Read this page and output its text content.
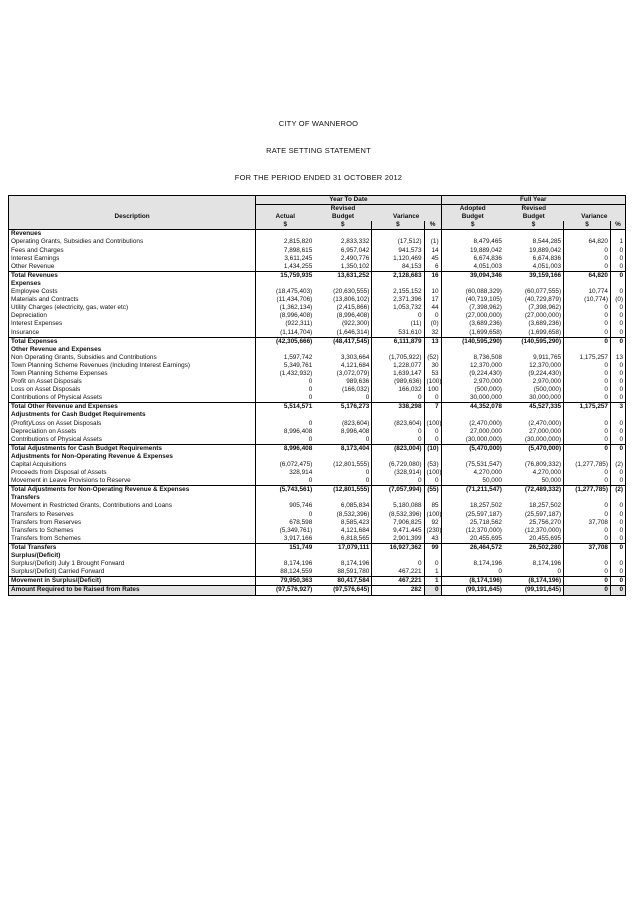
CITY OF WANNEROO
RATE SETTING STATEMENT
FOR THE PERIOD ENDED 31 OCTOBER 2012
	Year To Date				Full Year			
		Revised			Adopted	Revised		
Description	Actual	Budget	Variance		Budget	Budget	Variance	
	$	$	$	%	$	$	$	%
Revenues								
Operating Grants, Subsidies and Contributions	2,815,820	2,833,332	(17,512)	(1)	8,479,465	8,544,285	64,820	1
Fees and Charges	7,898,615	6,957,042	941,573	14	19,889,042	19,889,042	0	0
Interest Earnings	3,611,245	2,490,776	1,120,469	45	6,674,836	6,674,836	0	0
Other Revenue	1,434,255	1,350,102	84,153	6	4,051,003	4,051,003	0	0
Total Revenues	15,759,935	13,631,252	2,128,683	16	39,094,346	39,159,166	64,820	0
Expenses								
Employee Costs	(18,475,403)	(20,630,555)	2,155,152	10	(60,088,329)	(60,077,555)	10,774	0
Materials and Contracts	(11,434,706)	(13,806,102)	2,371,396	17	(40,719,105)	(40,729,879)	(10,774)	(0)
Utility Charges (electricity, gas, water etc)	(1,362,134)	(2,415,866)	1,053,732	44	(7,398,962)	(7,398,962)	0	0
Depreciation	(8,996,408)	(8,996,408)	0	0	(27,000,000)	(27,000,000)	0	0
Interest Expenses	(922,311)	(922,300)	(11)	(0)	(3,689,236)	(3,689,236)	0	0
Insurance	(1,114,704)	(1,646,314)	531,610	32	(1,699,658)	(1,699,658)	0	0
Total Expenses	(42,305,666)	(48,417,545)	6,111,879	13	(140,595,290)	(140,595,290)	0	0
Other Revenue and Expenses								
Non Operating Grants, Subsidies and Contributions	1,597,742	3,303,664	(1,705,922)	(52)	8,736,508	9,911,765	1,175,257	13
Town Planning Scheme Revenues (Including Interest Earnings)	5,349,761	4,121,684	1,228,077	30	12,370,000	12,370,000	0	0
Town Planning Scheme Expenses	(1,432,932)	(3,072,079)	1,639,147	53	(9,224,430)	(9,224,430)	0	0
Profit on Asset Disposals	0	989,636	(989,636)	(100)	2,970,000	2,970,000	0	0
Loss on Asset Disposals	0	(166,032)	166,032	100	(500,000)	(500,000)	0	0
Contributions of Physical Assets	0	0	0	0	30,000,000	30,000,000	0	0
Total Other Revenue and Expenses	5,514,571	5,176,273	338,298	7	44,352,078	45,527,335	1,175,257	3
Adjustments for Cash Budget Requirements								
(Profit)/Loss on Asset Disposals	0	(823,604)	(823,604)	(100)	(2,470,000)	(2,470,000)	0	0
Depreciation on Assets	8,996,408	8,996,408	0	0	27,000,000	27,000,000	0	0
Contributions of Physical Assets	0	0	0	0	(30,000,000)	(30,000,000)	0	0
Total Adjustments for Cash Budget Requirements	8,996,408	8,173,404	(823,004)	(10)	(5,470,000)	(5,470,000)	0	0
Adjustments for Non-Operating Revenue & Expenses								
Capital Acquisitions	(6,072,475)	(12,801,555)	(6,729,080)	(53)	(75,531,547)	(76,809,332)	(1,277,785)	(2)
Proceeds from Disposal of Assets	328,914	0	(328,914)	(100)	4,270,000	4,270,000	0	0
Movement in Leave Provisions to Reserve	0	0	0	0	50,000	50,000	0	0
Total Adjustments for Non-Operating Revenue & Expenses	(5,743,561)	(12,801,555)	(7,057,994)	(55)	(71,211,547)	(72,489,332)	(1,277,785)	(2)
Transfers								
Movement in Restricted Grants, Contributions and Loans	905,746	6,085,834	5,180,088	85	18,257,502	18,257,502	0	0
Transfers to Reserves	0	(8,532,396)	(8,532,396)	(100)	(25,597,187)	(25,597,187)	0	0
Transfers from Reserves	678,598	8,585,423	7,906,825	92	25,718,562	25,756,270	37,708	0
Transfers to Schemes	(5,349,761)	4,121,684	9,471,445	(230)	(12,370,000)	(12,370,000)	0	0
Transfers from Schemes	3,917,166	6,818,565	2,901,399	43	20,455,695	20,455,695	0	0
Total Transfers	151,749	17,079,111	16,927,362	99	26,464,572	26,502,280	37,708	0
Surplus/(Deficit)								
Surplus/(Deficit) July 1 Brought Forward	8,174,196	8,174,196	0	0	8,174,196	8,174,196	0	0
Surplus/(Deficit) Carried Forward	88,124,559	88,591,780	467,221	1	0	0	0	0
Movement in Surplus/(Deficit)	79,950,363	80,417,584	467,221	1	(8,174,196)	(8,174,196)	0	0
Amount Required to be Raised from Rates	(97,576,927)	(97,576,645)	282	0	(99,191,645)	(99,191,645)	0	0
